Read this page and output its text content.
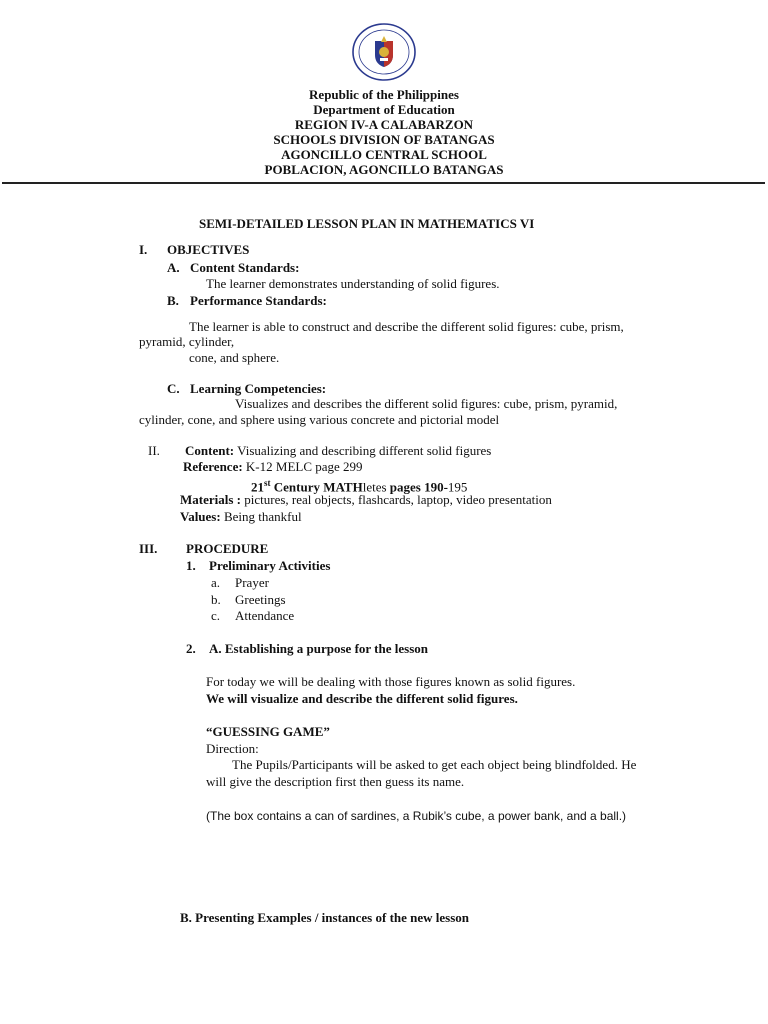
Republic of the Philippines
Department of Education
REGION IV-A CALABARZON
SCHOOLS DIVISION OF BATANGAS
AGONCILLO CENTRAL SCHOOL
POBLACION, AGONCILLO BATANGAS
SEMI-DETAILED LESSON PLAN IN MATHEMATICS VI
I. OBJECTIVES
A. Content Standards:
The learner demonstrates understanding of solid figures.
B. Performance Standards:
The learner is able to construct and describe the different solid figures: cube, prism,
pyramid, cylinder,
cone, and sphere.
C. Learning Competencies:
Visualizes and describes the different solid figures: cube, prism, pyramid,
cylinder, cone, and sphere using various concrete and pictorial model
II. Content: Visualizing and describing different solid figures
Reference: K-12 MELC page 299
21st Century MATHletes pages 190-195
Materials : pictures, real objects, flashcards, laptop, video presentation
Values: Being thankful
III. PROCEDURE
1. Preliminary Activities
a. Prayer
b. Greetings
c. Attendance
2. A. Establishing a purpose for the lesson
For today we will be dealing with those figures known as solid figures.
We will visualize and describe the different solid figures.
“GUESSING GAME”
Direction:
The Pupils/Participants will be asked to get each object being blindfolded. He
will give the description first then guess its name.
(The box contains a can of sardines, a Rubik’s cube, a power bank, and a ball.)
B. Presenting Examples / instances of the new lesson
